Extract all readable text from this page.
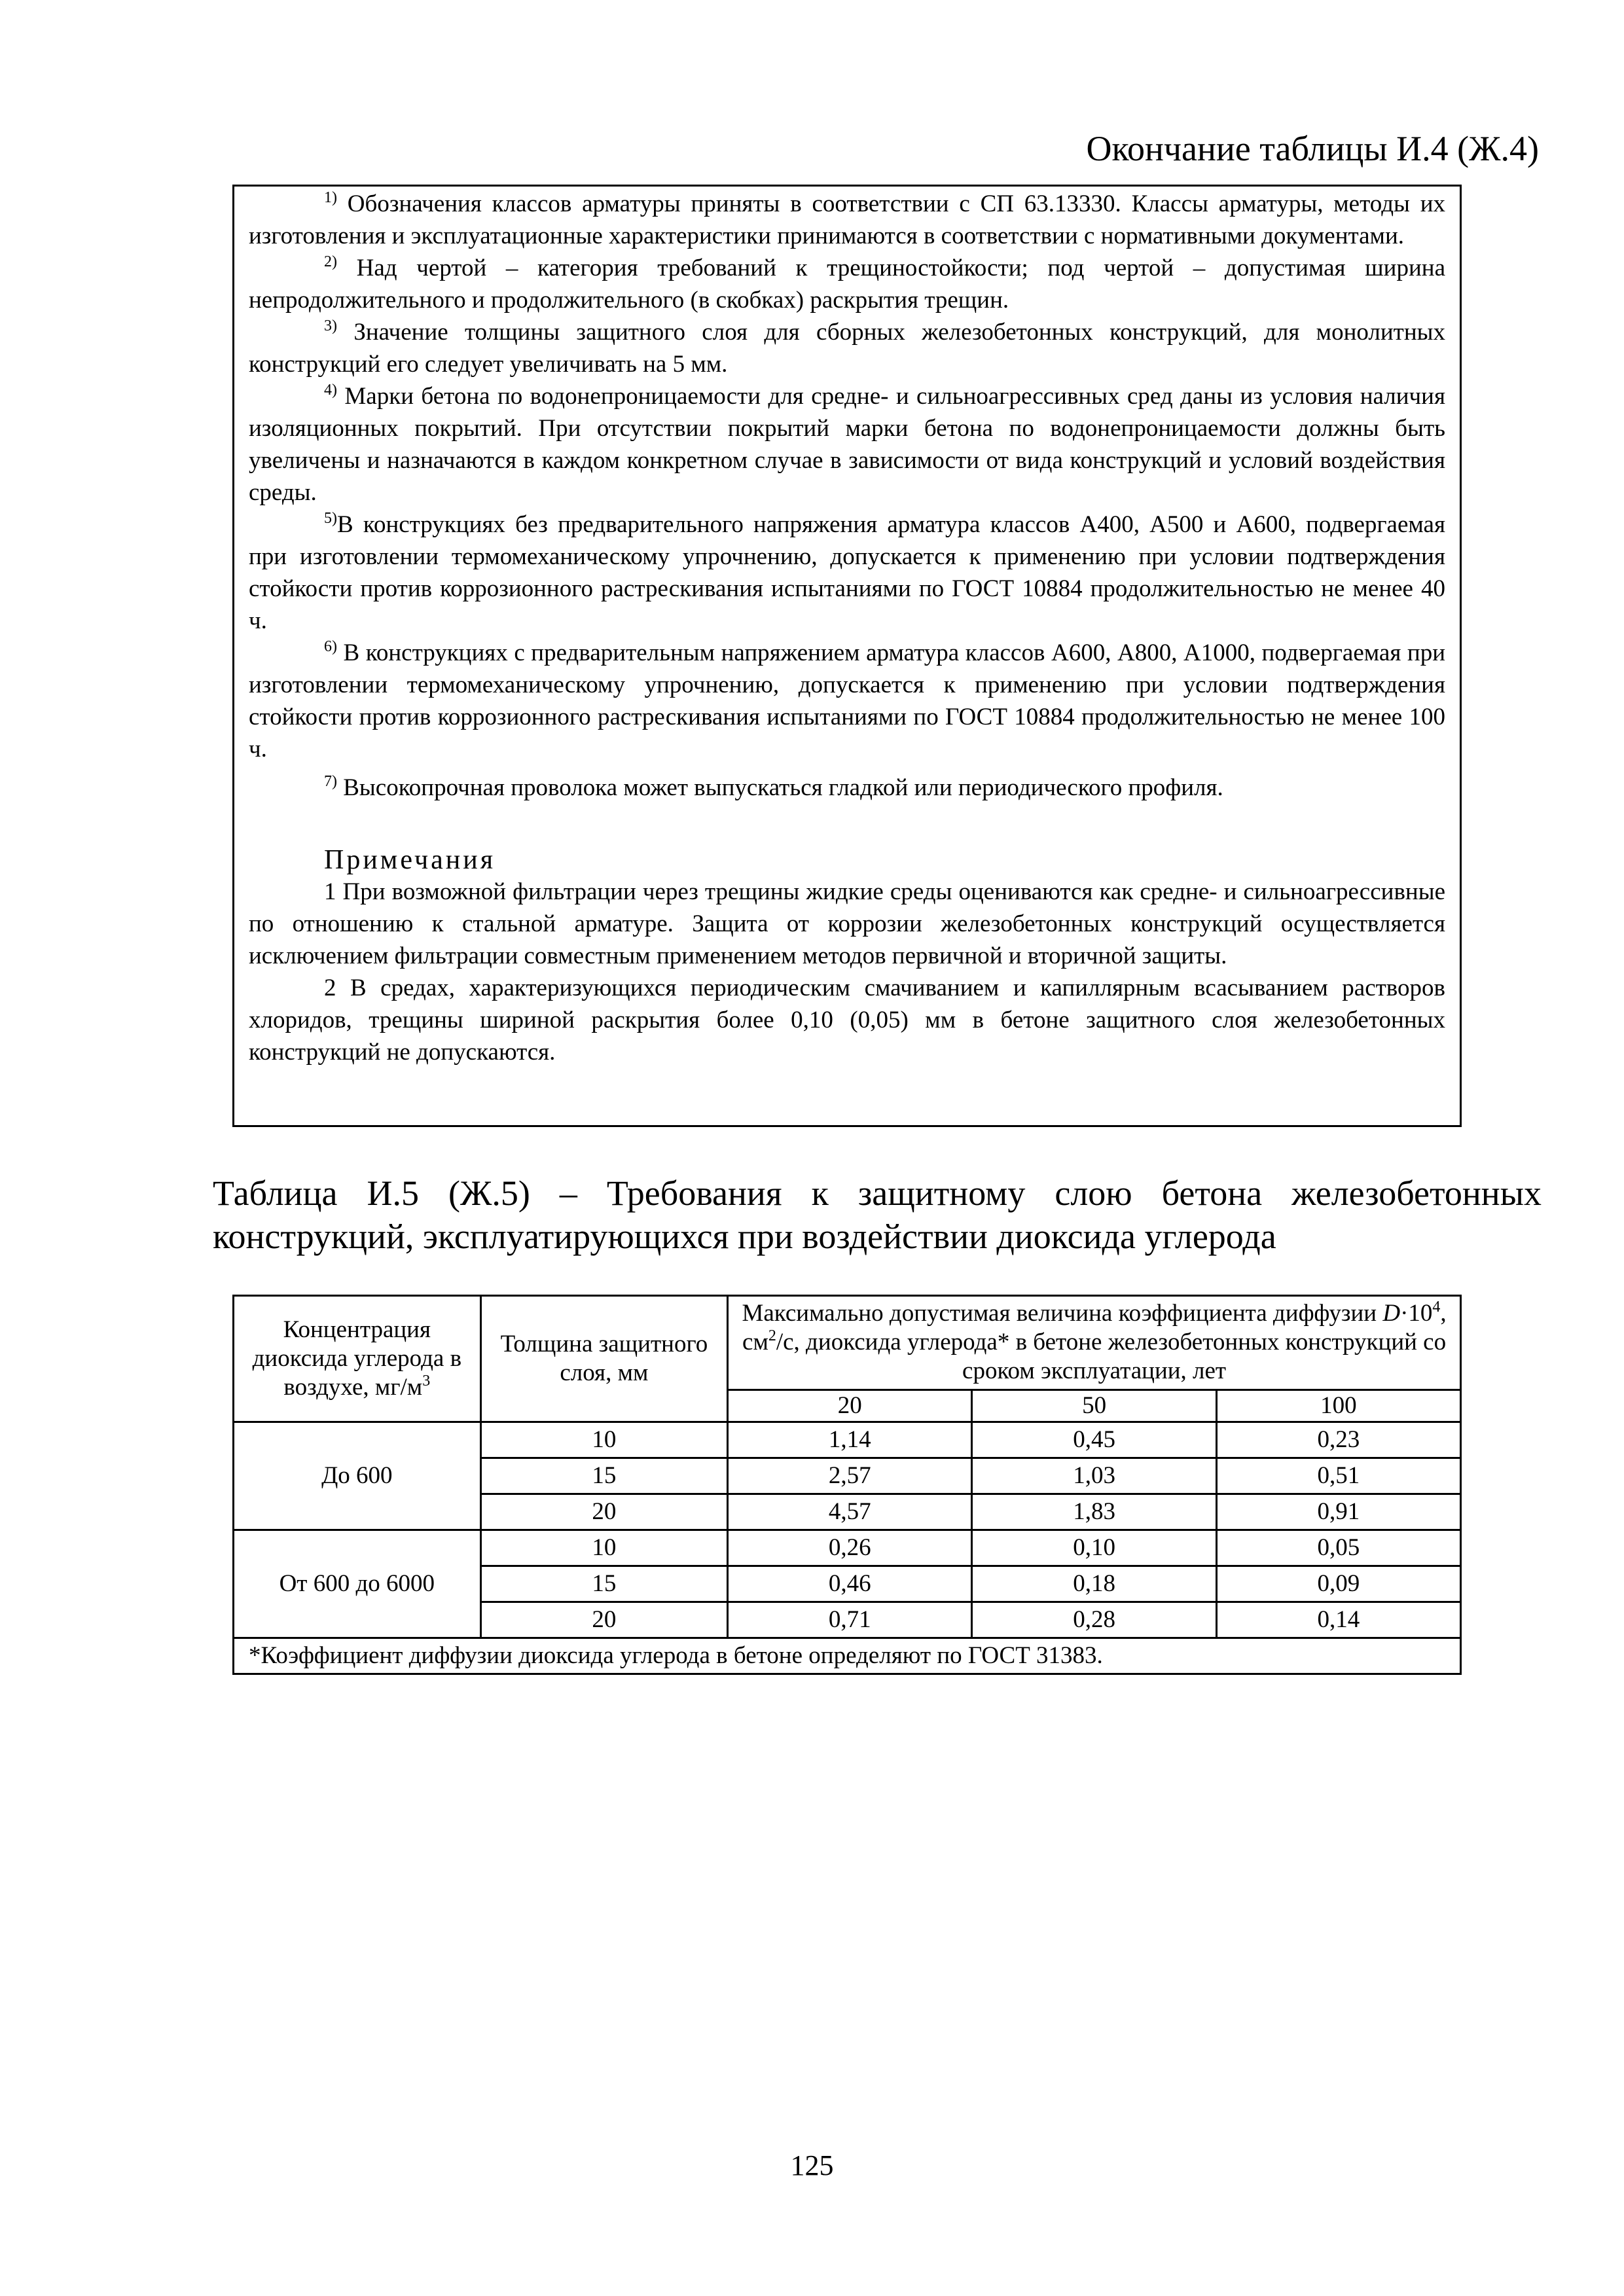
Окончание таблицы И.4 (Ж.4)

$^{1)}$ Обозначения классов арматуры приняты в соответствии с СП 63.13330. Классы арматуры, методы их изготовления и эксплуатационные характеристики принимаются в соответствии с нормативными документами.

$^{2)}$ Над чертой – категория требований к трещиностойкости; под чертой – допустимая ширина непродолжительного и продолжительного (в скобках) раскрытия трещин.

$^{3)}$ Значение толщины защитного слоя для сборных железобетонных конструкций, для монолитных конструкций его следует увеличивать на 5 мм.

$^{4)}$ Марки бетона по водонепроницаемости для средне- и сильноагрессивных сред даны из условия наличия изоляционных покрытий. При отсутствии покрытий марки бетона по водонепроницаемости должны быть увеличены и назначаются в каждом конкретном случае в зависимости от вида конструкций и условий воздействия среды.

$^{5)}$В конструкциях без предварительного напряжения арматура классов А400, А500 и А600, подвергаемая при изготовлении термомеханическому упрочнению, допускается к применению при условии подтверждения стойкости против коррозионного растрескивания испытаниями по ГОСТ 10884 продолжительностью не менее 40 ч.

$^{6)}$ В конструкциях с предварительным напряжением арматура классов А600, А800, А1000, подвергаемая при изготовлении термомеханическому упрочнению, допускается к применению при условии подтверждения стойкости против коррозионного растрескивания испытаниями по ГОСТ 10884 продолжительностью не менее 100 ч.

$^{7)}$ Высокопрочная проволока может выпускаться гладкой или периодического профиля.

Примечания

1 При возможной фильтрации через трещины жидкие среды оцениваются как средне- и сильноагрессивные по отношению к стальной арматуре. Защита от коррозии железобетонных конструкций осуществляется исключением фильтрации совместным применением методов первичной и вторичной защиты.

2 В средах, характеризующихся периодическим смачиванием и капиллярным всасыванием растворов хлоридов, трещины шириной раскрытия более 0,10 (0,05) мм в бетоне защитного слоя железобетонных конструкций не допускаются.

Таблица И.5 (Ж.5) – Требования к защитному слою бетона железобетонных конструкций, эксплуатирующихся при воздействии диоксида углерода
Концентрация диоксида углерода в воздухе, $мг/м^3$	Толщина защитного слоя, мм	Максимально допустимая величина коэффициента диффузии $D\cdot 10^4$, $см^2/с$, диоксида углерода* в бетоне железобетонных конструкций со сроком эксплуатации, лет		
		20	50	100
До 600	10	1,14	0,45	0,23
	15	2,57	1,03	0,51
	20	4,57	1,83	0,91
От 600 до 6000	10	0,26	0,10	0,05
	15	0,46	0,18	0,09
	20	0,71	0,28	0,14
*Коэффициент диффузии диоксида углерода в бетоне определяют по ГОСТ 31383.				
125
